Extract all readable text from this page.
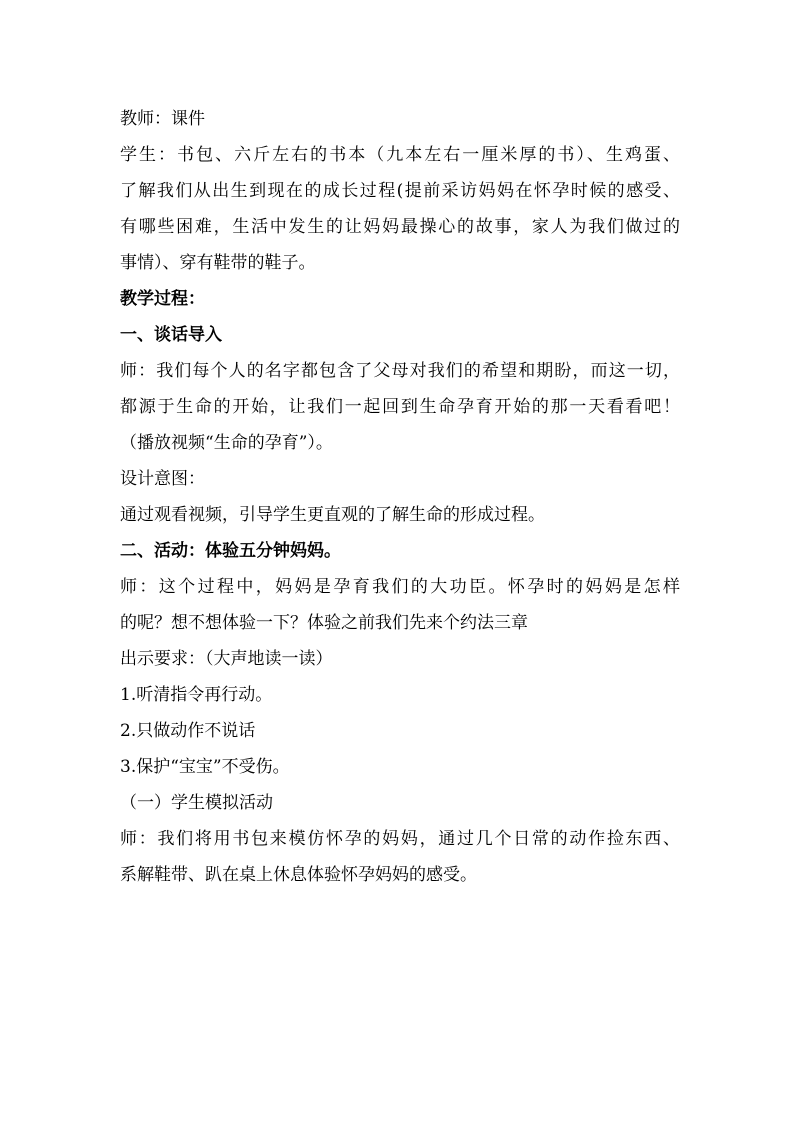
教师：课件
学生：书包、六斤左右的书本（九本左右一厘米厚的书）、生鸡蛋、
了解我们从出生到现在的成长过程(提前采访妈妈在怀孕时候的感受、
有哪些困难，生活中发生的让妈妈最操心的故事，家人为我们做过的
事情）、穿有鞋带的鞋子。
教学过程：
一、谈话导入
师：我们每个人的名字都包含了父母对我们的希望和期盼，而这一切，
都源于生命的开始，让我们一起回到生命孕育开始的那一天看看吧！
（播放视频“生命的孕育”）。
设计意图：
通过观看视频，引导学生更直观的了解生命的形成过程。
二、活动：体验五分钟妈妈。
师：这个过程中，妈妈是孕育我们的大功臣。怀孕时的妈妈是怎样
的呢？想不想体验一下？体验之前我们先来个约法三章
出示要求：（大声地读一读）
1.听清指令再行动。
2.只做动作不说话
3.保护“宝宝”不受伤。
（一）学生模拟活动
师：我们将用书包来模仿怀孕的妈妈，通过几个日常的动作捡东西、
系解鞋带、趴在桌上休息体验怀孕妈妈的感受。
